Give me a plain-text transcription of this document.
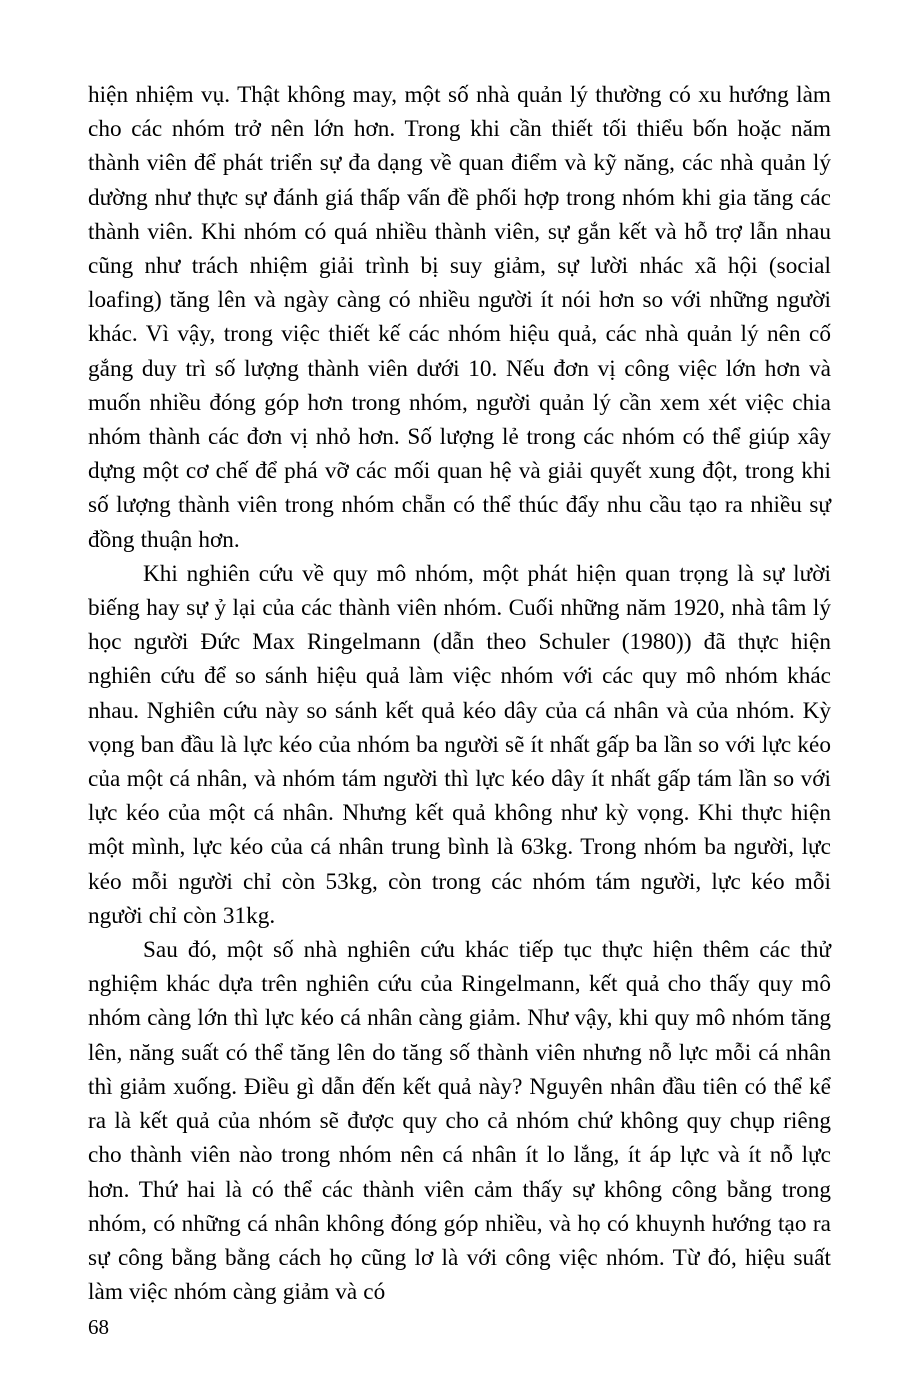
hiện nhiệm vụ. Thật không may, một số nhà quản lý thường có xu hướng làm cho các nhóm trở nên lớn hơn. Trong khi cần thiết tối thiểu bốn hoặc năm thành viên để phát triển sự đa dạng về quan điểm và kỹ năng, các nhà quản lý dường như thực sự đánh giá thấp vấn đề phối hợp trong nhóm khi gia tăng các thành viên. Khi nhóm có quá nhiều thành viên, sự gắn kết và hỗ trợ lẫn nhau cũng như trách nhiệm giải trình bị suy giảm, sự lười nhác xã hội (social loafing) tăng lên và ngày càng có nhiều người ít nói hơn so với những người khác. Vì vậy, trong việc thiết kế các nhóm hiệu quả, các nhà quản lý nên cố gắng duy trì số lượng thành viên dưới 10. Nếu đơn vị công việc lớn hơn và muốn nhiều đóng góp hơn trong nhóm, người quản lý cần xem xét việc chia nhóm thành các đơn vị nhỏ hơn. Số lượng lẻ trong các nhóm có thể giúp xây dựng một cơ chế để phá vỡ các mối quan hệ và giải quyết xung đột, trong khi số lượng thành viên trong nhóm chẵn có thể thúc đẩy nhu cầu tạo ra nhiều sự đồng thuận hơn.

Khi nghiên cứu về quy mô nhóm, một phát hiện quan trọng là sự lười biếng hay sự ỷ lại của các thành viên nhóm. Cuối những năm 1920, nhà tâm lý học người Đức Max Ringelmann (dẫn theo Schuler (1980)) đã thực hiện nghiên cứu để so sánh hiệu quả làm việc nhóm với các quy mô nhóm khác nhau. Nghiên cứu này so sánh kết quả kéo dây của cá nhân và của nhóm. Kỳ vọng ban đầu là lực kéo của nhóm ba người sẽ ít nhất gấp ba lần so với lực kéo của một cá nhân, và nhóm tám người thì lực kéo dây ít nhất gấp tám lần so với lực kéo của một cá nhân. Nhưng kết quả không như kỳ vọng. Khi thực hiện một mình, lực kéo của cá nhân trung bình là 63kg. Trong nhóm ba người, lực kéo mỗi người chỉ còn 53kg, còn trong các nhóm tám người, lực kéo mỗi người chỉ còn 31kg.

Sau đó, một số nhà nghiên cứu khác tiếp tục thực hiện thêm các thử nghiệm khác dựa trên nghiên cứu của Ringelmann, kết quả cho thấy quy mô nhóm càng lớn thì lực kéo cá nhân càng giảm. Như vậy, khi quy mô nhóm tăng lên, năng suất có thể tăng lên do tăng số thành viên nhưng nỗ lực mỗi cá nhân thì giảm xuống. Điều gì dẫn đến kết quả này? Nguyên nhân đầu tiên có thể kể ra là kết quả của nhóm sẽ được quy cho cả nhóm chứ không quy chụp riêng cho thành viên nào trong nhóm nên cá nhân ít lo lắng, ít áp lực và ít nỗ lực hơn. Thứ hai là có thể các thành viên cảm thấy sự không công bằng trong nhóm, có những cá nhân không đóng góp nhiều, và họ có khuynh hướng tạo ra sự công bằng bằng cách họ cũng lơ là với công việc nhóm. Từ đó, hiệu suất làm việc nhóm càng giảm và có

68
